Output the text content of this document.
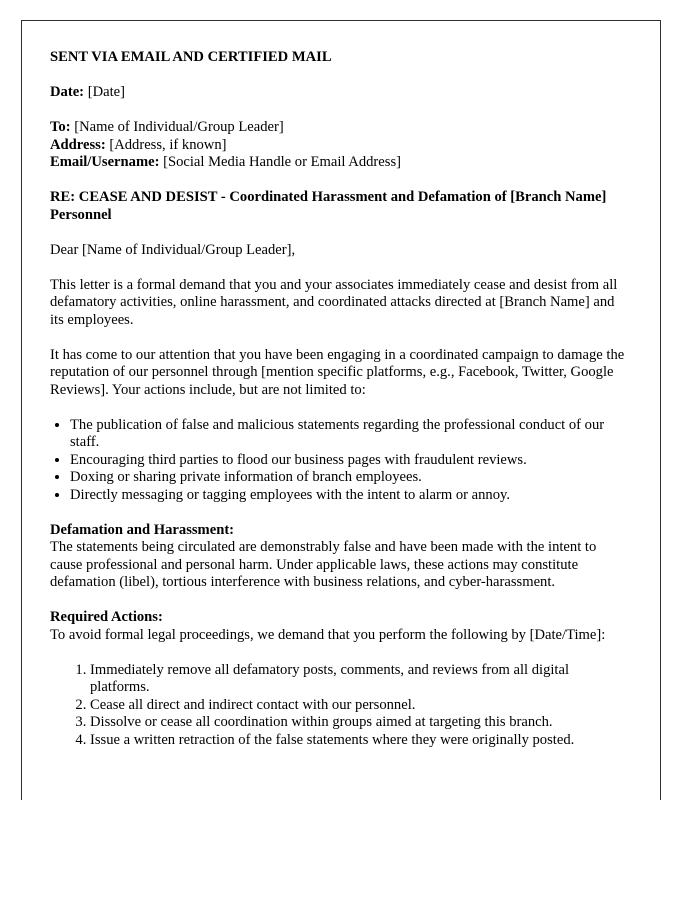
SENT VIA EMAIL AND CERTIFIED MAIL

Date: [Date]

To: [Name of Individual/Group Leader]
Address: [Address, if known]
Email/Username: [Social Media Handle or Email Address]

RE: CEASE AND DESIST - Coordinated Harassment and Defamation of [Branch Name] Personnel

Dear [Name of Individual/Group Leader],

This letter is a formal demand that you and your associates immediately cease and desist from all defamatory activities, online harassment, and coordinated attacks directed at [Branch Name] and its employees.

It has come to our attention that you have been engaging in a coordinated campaign to damage the reputation of our personnel through [mention specific platforms, e.g., Facebook, Twitter, Google Reviews]. Your actions include, but are not limited to:

• The publication of false and malicious statements regarding the professional conduct of our staff.
• Encouraging third parties to flood our business pages with fraudulent reviews.
• Doxing or sharing private information of branch employees.
• Directly messaging or tagging employees with the intent to alarm or annoy.

Defamation and Harassment:
The statements being circulated are demonstrably false and have been made with the intent to cause professional and personal harm. Under applicable laws, these actions may constitute defamation (libel), tortious interference with business relations, and cyber-harassment.

Required Actions:
To avoid formal legal proceedings, we demand that you perform the following by [Date/Time]:

1. Immediately remove all defamatory posts, comments, and reviews from all digital platforms.
2. Cease all direct and indirect contact with our personnel.
3. Dissolve or cease all coordination within groups aimed at targeting this branch.
4. Issue a written retraction of the false statements where they were originally posted.
